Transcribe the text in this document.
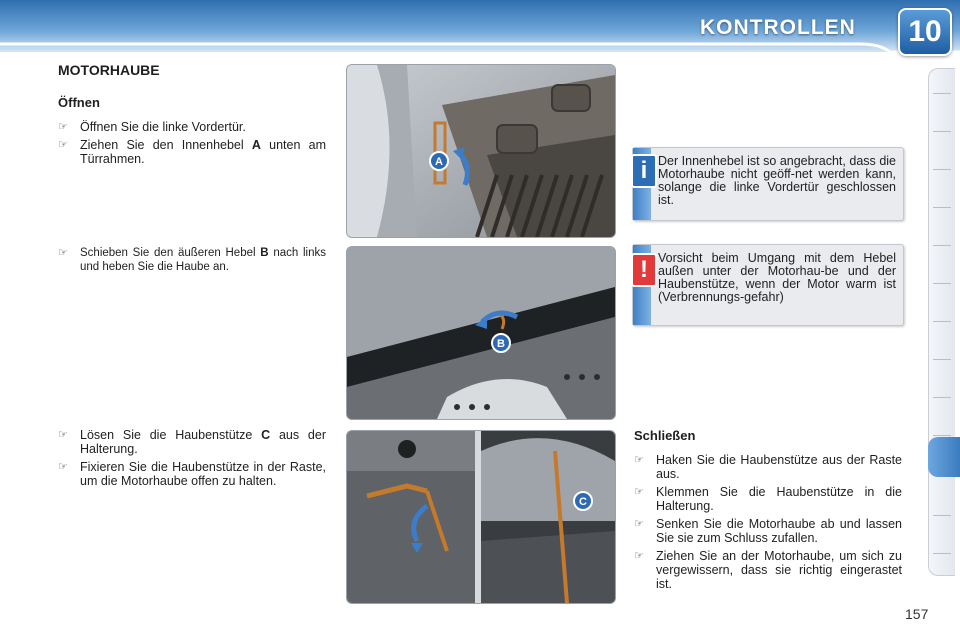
KONTROLLEN	10
MOTORHAUBE
Öffnen
☞ Öffnen Sie die linke Vordertür.
☞ Ziehen Sie den Innenhebel A unten am Türrahmen.
☞ Schieben Sie den äußeren Hebel B nach links und heben Sie die Haube an.
☞ Lösen Sie die Haubenstütze C aus der Halterung.
☞ Fixieren Sie die Haubenstütze in der Raste, um die Motorhaube offen zu halten.
A
B
C
i Der Innenhebel ist so angebracht, dass die Motorhaube nicht geöff-net werden kann, solange die linke Vordertür geschlossen ist.
! Vorsicht beim Umgang mit dem Hebel außen unter der Motorhau-be und der Haubenstütze, wenn der Motor warm ist (Verbrennungs-gefahr)
Schließen
☞ Haken Sie die Haubenstütze aus der Raste aus.
☞ Klemmen Sie die Haubenstütze in die Halterung.
☞ Senken Sie die Motorhaube ab und lassen Sie sie zum Schluss zufallen.
☞ Ziehen Sie an der Motorhaube, um sich zu vergewissern, dass sie richtig eingerastet ist.
157
